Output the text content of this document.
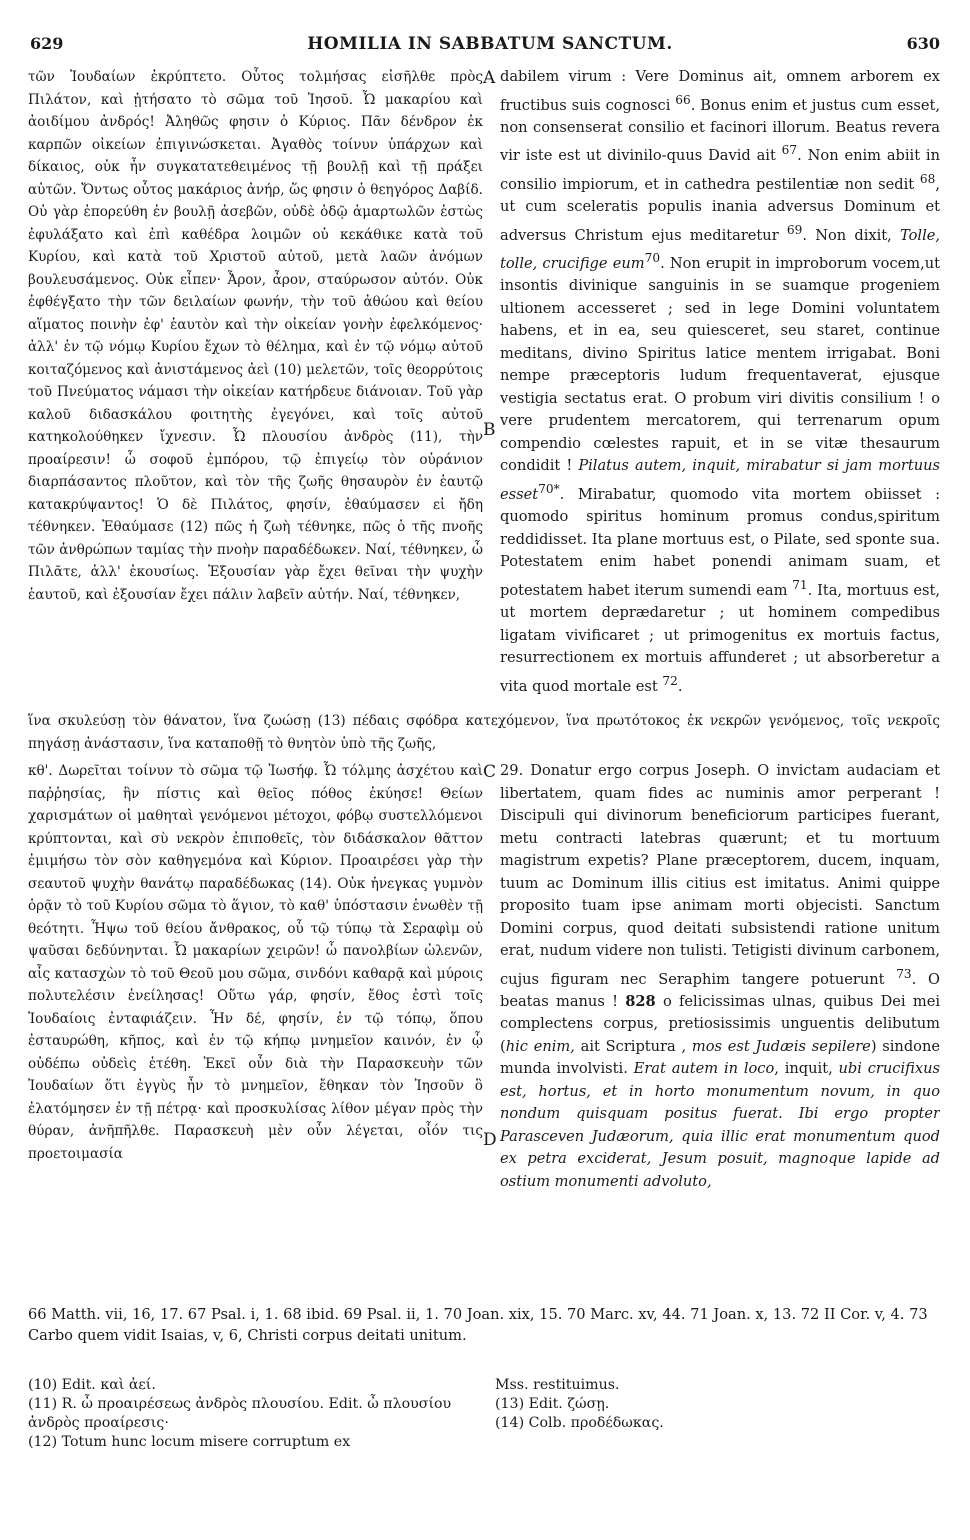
629	HOMILIA IN SABBATUM SANCTUM.	630
A
B
C
D
τῶν Ἰουδαίων ἐκρύπτετο. Οὗτος τολμήσας εἰσῆλθε πρὸς Πιλάτον, καὶ ᾐτήσατο τὸ σῶμα τοῦ Ἰησοῦ. Ὦ μακαρίου καὶ ἀοιδίμου ἀνδρός! Ἀληθῶς φησιν ὁ Κύριος. Πᾶν δένδρον ἐκ καρπῶν οἰκείων ἐπιγινώσκεται. Ἀγαθὸς τοίνυν ὑπάρχων καὶ δίκαιος, οὐκ ἦν συγκατατεθειμένος τῇ βουλῇ καὶ τῇ πράξει αὐτῶν. Ὄντως οὗτος μακάριος ἀνήρ, ὥς φησιν ὁ θεηγόρος Δαβίδ. Οὐ γὰρ ἐπορεύθη ἐν βουλῇ ἀσεβῶν, οὐδὲ ὁδῷ ἁμαρτωλῶν ἑστὼς ἐφυλάξατο καὶ ἐπὶ καθέδρα λοιμῶν οὐ κεκάθικε κατὰ τοῦ Κυρίου, καὶ κατὰ τοῦ Χριστοῦ αὐτοῦ, μετὰ λαῶν ἀνόμων βουλευσάμενος. Οὐκ εἶπεν· Ἆρον, ἆρον, σταύρωσον αὐτόν. Οὐκ ἐφθέγξατο τὴν τῶν δειλαίων φωνήν, τὴν τοῦ ἀθώου καὶ θείου αἵματος ποινὴν ἐφ' ἑαυτὸν καὶ τὴν οἰκείαν γονὴν ἐφελκόμενος· ἀλλ' ἐν τῷ νόμῳ Κυρίου ἔχων τὸ θέλημα, καὶ ἐν τῷ νόμῳ αὐτοῦ κοιταζόμενος καὶ ἀνιστάμενος ἀεὶ (10) μελετῶν, τοῖς θεορρύτοις τοῦ Πνεύματος νάμασι τὴν οἰκείαν κατήρδευε διάνοιαν. Τοῦ γὰρ καλοῦ διδασκάλου φοιτητὴς ἐγεγόνει, καὶ τοῖς αὐτοῦ κατηκολούθηκεν ἴχνεσιν. Ὦ πλουσίου ἀνδρὸς (11), τὴν προαίρεσιν! ὦ σοφοῦ ἐμπόρου, τῷ ἐπιγείῳ τὸν οὐράνιον διαρπάσαντος πλοῦτον, καὶ τὸν τῆς ζωῆς θησαυρὸν ἐν ἑαυτῷ κατακρύψαντος! Ὁ δὲ Πιλάτος, φησίν, ἐθαύμασεν εἰ ἤδη τέθνηκεν. Ἐθαύμασε (12) πῶς ἡ ζωὴ τέθνηκε, πῶς ὁ τῆς πνοῆς τῶν ἀνθρώπων ταμίας τὴν πνοὴν παραδέδωκεν. Ναί, τέθνηκεν, ὦ Πιλᾶτε, ἀλλ' ἑκουσίως. Ἐξουσίαν γὰρ ἔχει θεῖναι τὴν ψυχὴν ἑαυτοῦ, καὶ ἐξουσίαν ἔχει πάλιν λαβεῖν αὐτήν. Ναί, τέθνηκεν,
dabilem virum : Vere Dominus ait, omnem arborem ex fructibus suis cognosci $^{66}$. Bonus enim et justus cum esset, non consenserat consilio et facinori illorum. Beatus revera vir iste est ut divinilo-quus David ait $^{67}$. Non enim abiit in consilio impiorum, et in cathedra pestilentiæ non sedit $^{68}$, ut cum sceleratis populis inania adversus Dominum et adversus Christum ejus meditaretur $^{69}$. Non dixit, Tolle, tolle, crucifige eum$^{70}$. Non erupit in improborum vocem,ut insontis divinique sanguinis in se suamque progeniem ultionem accesseret ; sed in lege Domini voluntatem habens, et in ea, seu quiesceret, seu staret, continue meditans, divino Spiritus latice mentem irrigabat. Boni nempe præceptoris ludum frequentaverat, ejusque vestigia sectatus erat. O probum viri divitis consilium ! o vere prudentem mercatorem, qui terrenarum opum compendio cœlestes rapuit, et in se vitæ thesaurum condidit ! Pilatus autem, inquit, mirabatur si jam mortuus esset$^{70*}$. Mirabatur, quomodo vita mortem obiisset : quomodo spiritus hominum promus condus,spiritum reddidisset. Ita plane mortuus est, o Pilate, sed sponte sua. Potestatem enim habet ponendi animam suam, et potestatem habet iterum sumendi eam $^{71}$. Ita, mortuus est, ut mortem deprædaretur ; ut hominem compedibus ligatam vivificaret ; ut primogenitus ex mortuis factus, resurrectionem ex mortuis affunderet ; ut absorberetur a vita quod mortale est $^{72}$.
ἵνα σκυλεύσῃ τὸν θάνατον, ἵνα ζωώσῃ (13) πέδαις σφόδρα κατεχόμενον, ἵνα πρωτότοκος ἐκ νεκρῶν γενόμενος, τοῖς νεκροῖς πηγάσῃ ἀνάστασιν, ἵνα καταποθῇ τὸ θνητὸν ὑπὸ τῆς ζωῆς,
κθ'. Δωρεῖται τοίνυν τὸ σῶμα τῷ Ἰωσήφ. Ὦ τόλμης ἀσχέτου καὶ παῤῥησίας, ἣν πίστις καὶ θεῖος πόθος ἐκύησε! Θείων χαρισμάτων οἱ μαθηταὶ γενόμενοι μέτοχοι, φόβῳ συστελλόμενοι κρύπτονται, καὶ σὺ νεκρὸν ἐπιποθεῖς, τὸν διδάσκαλον θᾶττον ἐμιμήσω τὸν σὸν καθηγεμόνα καὶ Κύριον. Προαιρέσει γὰρ τὴν σεαυτοῦ ψυχὴν θανάτῳ παραδέδωκας (14). Οὐκ ἠνεγκας γυμνὸν ὁρᾷν τὸ τοῦ Κυρίου σῶμα τὸ ἅγιον, τὸ καθ' ὑπόστασιν ἑνωθὲν τῇ θεότητι. Ἧψω τοῦ θείου ἄνθρακος, οὗ τῷ τύπῳ τὰ Σεραφὶμ οὐ ψαῦσαι δεδύνηνται. Ὦ μακαρίων χειρῶν! ὦ πανολβίων ὠλενῶν, αἷς κατασχὼν τὸ τοῦ Θεοῦ μου σῶμα, σινδόνι καθαρᾷ καὶ μύροις πολυτελέσιν ἐνείλησας! Οὕτω γάρ, φησίν, ἔθος ἐστὶ τοῖς Ἰουδαίοις ἐνταφιάζειν. Ἦν δέ, φησίν, ἐν τῷ τόπῳ, ὅπου ἐσταυρώθη, κῆπος, καὶ ἐν τῷ κήπῳ μνημεῖον καινόν, ἐν ᾧ οὐδέπω οὐδεὶς ἐτέθη. Ἐκεῖ οὖν διὰ τὴν Παρασκευὴν τῶν Ἰουδαίων ὅτι ἐγγὺς ἦν τὸ μνημεῖον, ἔθηκαν τὸν Ἰησοῦν ὃ ἐλατόμησεν ἐν τῇ πέτρᾳ· καὶ προσκυλίσας λίθον μέγαν πρὸς τὴν θύραν, ἀνῆπῆλθε. Παρασκευὴ μὲν οὖν λέγεται, οἷόν τις προετοιμασία
29. Donatur ergo corpus Joseph. O invictam audaciam et libertatem, quam fides ac numinis amor perperant ! Discipuli qui divinorum beneficiorum participes fuerant, metu contracti latebras quærunt; et tu mortuum magistrum expetis? Plane præceptorem, ducem, inquam, tuum ac Dominum illis citius est imitatus. Animi quippe proposito tuam ipse animam morti objecisti. Sanctum Domini corpus, quod deitati subsistendi ratione unitum erat, nudum videre non tulisti. Tetigisti divinum carbonem, cujus figuram nec Seraphim tangere potuerunt $^{73}$. O beatas manus ! 828 o felicissimas ulnas, quibus Dei mei complectens corpus, pretiosissimis unguentis delibutum (hic enim, ait Scriptura , mos est Judæis sepilere) sindone munda involvisti. Erat autem in loco, inquit, ubi crucifixus est, hortus, et in horto monumentum novum, in quo nondum quisquam positus fuerat. Ibi ergo propter Parasceven Judæorum, quia illic erat monumentum quod ex petra exciderat, Jesum posuit, magnoque lapide ad ostium monumenti advoluto,
66 Matth. vii, 16, 17. 67 Psal. i, 1. 68 ibid. 69 Psal. ii, 1. 70 Joan. xix, 15. 70 Marc. xv, 44. 71 Joan. x, 13. 72 II Cor. v, 4. 73 Carbo quem vidit Isaias, v, 6, Christi corpus deitati unitum.
(10) Edit. καὶ ἀεί.
(11) R. ὦ προαιρέσεως ἀνδρὸς πλουσίου. Edit. ὦ πλουσίου ἀνδρὸς προαίρεσις·
(12) Totum hunc locum misere corruptum ex
Mss. restituimus.
(13) Edit. ζώσῃ.
(14) Colb. προδέδωκας.
